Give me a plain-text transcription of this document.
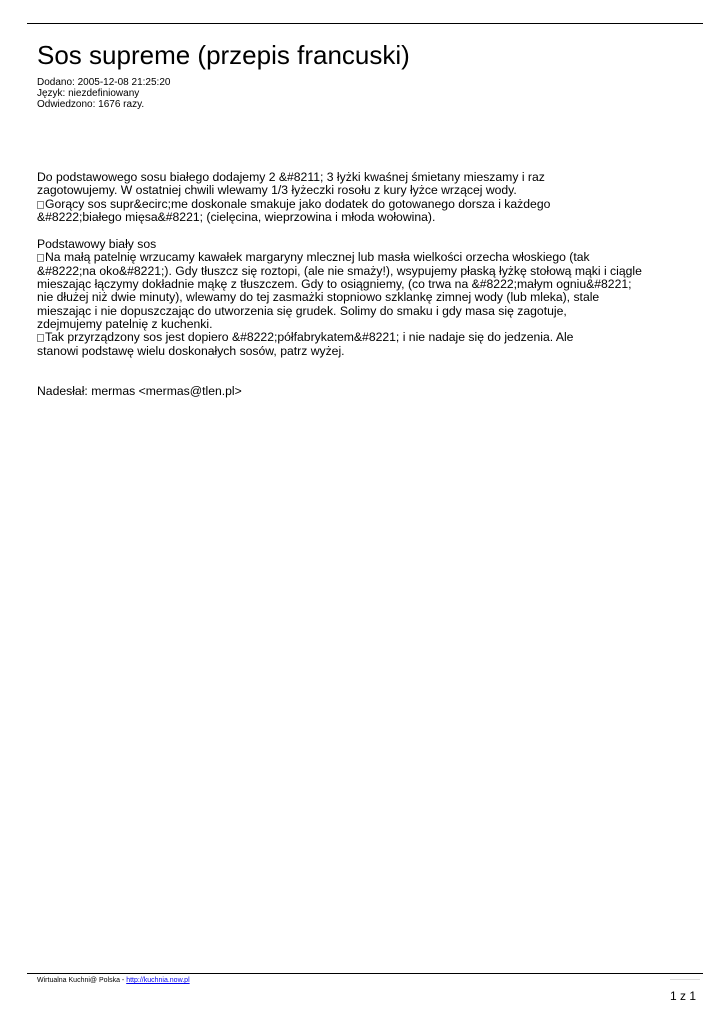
Sos supreme (przepis francuski)
Dodano: 2005-12-08 21:25:20
Język: niezdefiniowany
Odwiedzono: 1676 razy.
Do podstawowego sosu białego dodajemy 2 &#8211; 3 łyżki kwaśnej śmietany mieszamy i raz
zagotowujemy. W ostatniej chwili wlewamy 1/3 łyżeczki rosołu z kury łyżce wrzącej wody.
Gorący sos supr&ecirc;me doskonale smakuje jako dodatek do gotowanego dorsza i każdego
&#8222;białego mięsa&#8221; (cielęcina, wieprzowina i młoda wołowina).
Podstawowy biały sos
Na małą patelnię wrzucamy kawałek margaryny mlecznej lub masła wielkości orzecha włoskiego (tak
&#8222;na oko&#8221;). Gdy tłuszcz się roztopi, (ale nie smaży!), wsypujemy płaską łyżkę stołową mąki i ciągle
mieszając łączymy dokładnie mąkę z tłuszczem. Gdy to osiągniemy, (co trwa na &#8222;małym ogniu&#8221;
nie dłużej niż dwie minuty), wlewamy do tej zasmażki stopniowo szklankę zimnej wody (lub mleka), stale
mieszając i nie dopuszczając do utworzenia się grudek. Solimy do smaku i gdy masa się zagotuje,
zdejmujemy patelnię z kuchenki.
Tak przyrządzony sos jest dopiero &#8222;półfabrykatem&#8221; i nie nadaje się do jedzenia. Ale
stanowi podstawę wielu doskonałych sosów, patrz wyżej.
Nadesłał: mermas <mermas@tlen.pl>
Wirtualna Kuchni@ Polska - http://kuchnia.now.pl
1 z 1
